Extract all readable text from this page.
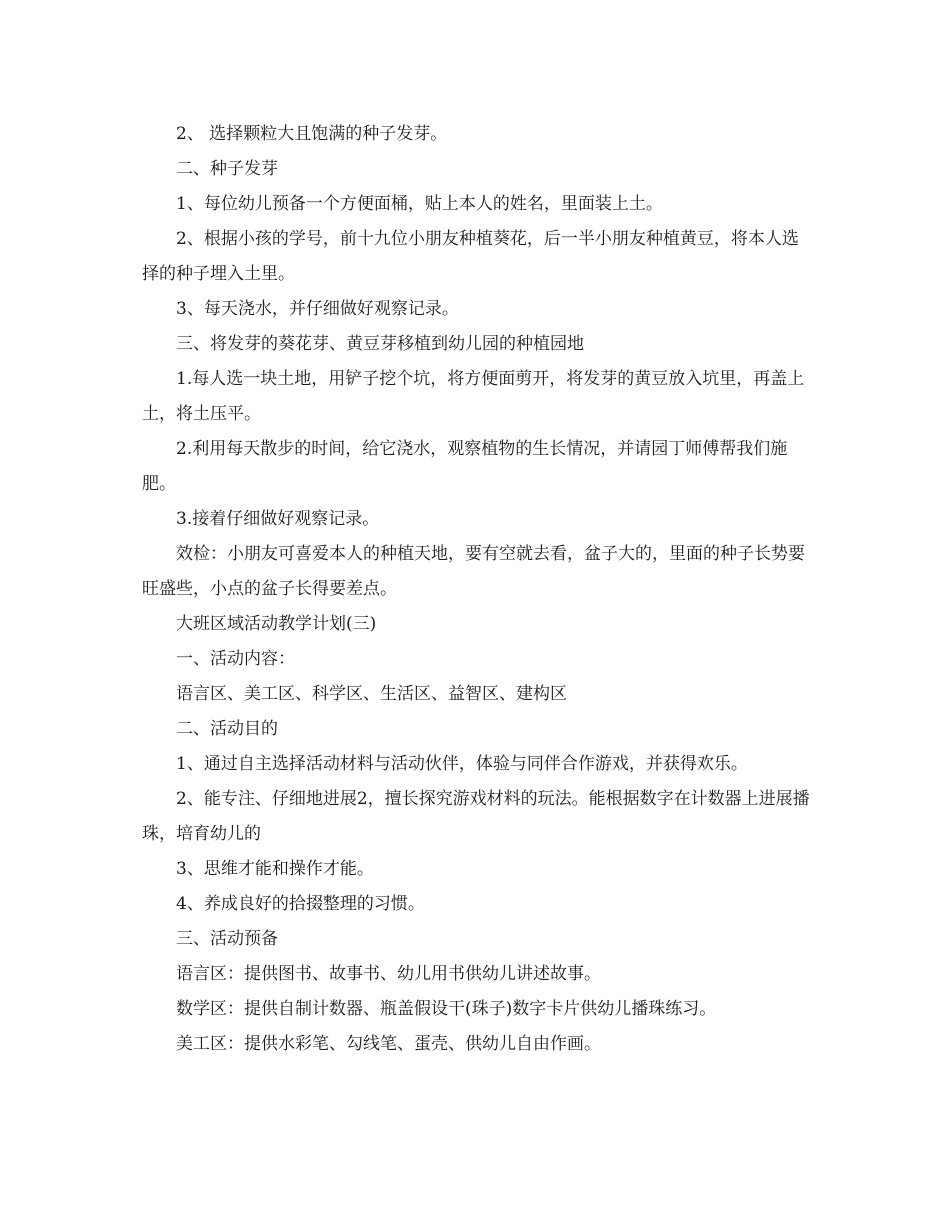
2、 选择颗粒大且饱满的种子发芽。

二、种子发芽

1、每位幼儿预备一个方便面桶，贴上本人的姓名，里面装上土。

2、根据小孩的学号，前十九位小朋友种植葵花，后一半小朋友种植黄豆，将本人选择的种子埋入土里。

3、每天浇水，并仔细做好观察记录。

三、将发芽的葵花芽、黄豆芽移植到幼儿园的种植园地

1.每人选一块土地，用铲子挖个坑，将方便面剪开，将发芽的黄豆放入坑里，再盖上土，将土压平。

2.利用每天散步的时间，给它浇水，观察植物的生长情况，并请园丁师傅帮我们施肥。

3.接着仔细做好观察记录。

效检：小朋友可喜爱本人的种植天地，要有空就去看，盆子大的，里面的种子长势要旺盛些，小点的盆子长得要差点。

大班区域活动教学计划(三)

一、活动内容：

语言区、美工区、科学区、生活区、益智区、建构区

二、活动目的

1、通过自主选择活动材料与活动伙伴，体验与同伴合作游戏，并获得欢乐。

2、能专注、仔细地进展2，擅长探究游戏材料的玩法。能根据数字在计数器上进展播珠，培育幼儿的

3、思维才能和操作才能。

4、养成良好的拾掇整理的习惯。

三、活动预备

语言区：提供图书、故事书、幼儿用书供幼儿讲述故事。

数学区：提供自制计数器、瓶盖假设干(珠子)数字卡片供幼儿播珠练习。

美工区：提供水彩笔、勾线笔、蛋壳、供幼儿自由作画。
